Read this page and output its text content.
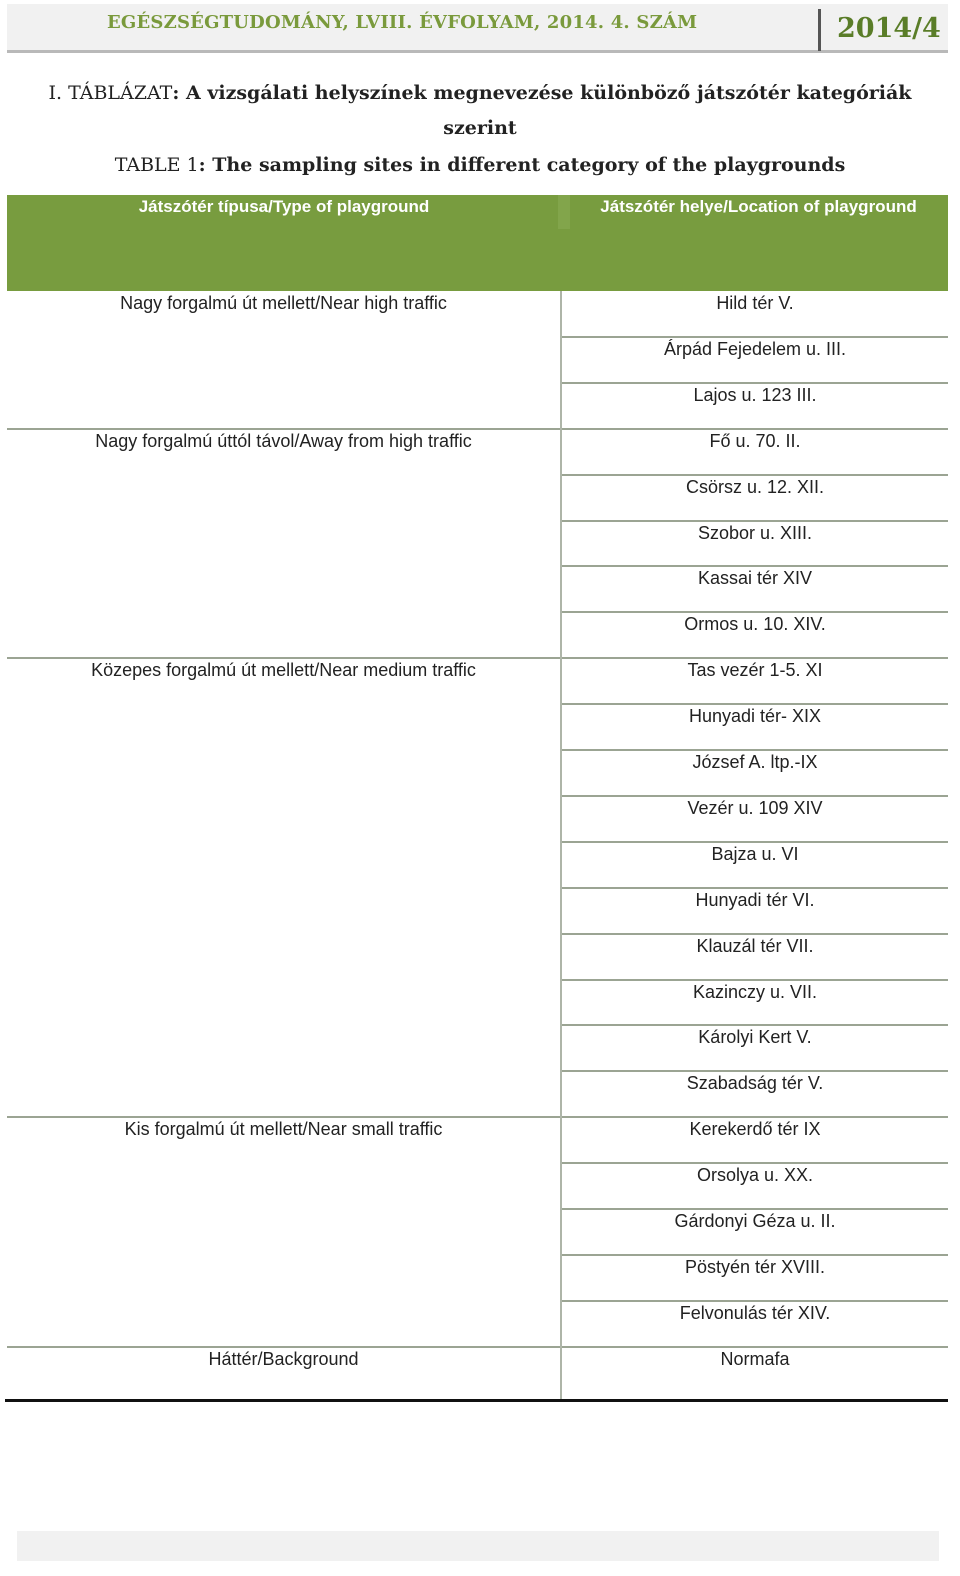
EGÉSZSÉGTUDOMÁNY, LVIII. ÉVFOLYAM, 2014. 4. SZÁM	2014/4
I. TÁBLÁZAT: A vizsgálati helyszínek megnevezése különböző játszótér kategóriák szerint
TABLE 1: The sampling sites in different category of the playgrounds
Játszótér típusa/Type of playground	Játszótér helye/Location of playground
Nagy forgalmú út mellett/Near high traffic	Hild tér V.
Árpád Fejedelem u. III.
Lajos u. 123 III.
Nagy forgalmú úttól távol/Away from high traffic	Fő u. 70. II.
Csörsz u. 12. XII.
Szobor u. XIII.
Kassai tér XIV
Ormos u. 10. XIV.
Közepes forgalmú út mellett/Near medium traffic	Tas vezér 1-5. XI
Hunyadi tér- XIX
József A. ltp.-IX
Vezér u. 109 XIV
Bajza u. VI
Hunyadi tér VI.
Klauzál tér VII.
Kazinczy u. VII.
Károlyi Kert V.
Szabadság tér V.
Kis forgalmú út mellett/Near small traffic	Kerekerdő tér IX
Orsolya u. XX.
Gárdonyi Géza u. II.
Pöstyén tér XVIII.
Felvonulás tér XIV.
Háttér/Background	Normafa
